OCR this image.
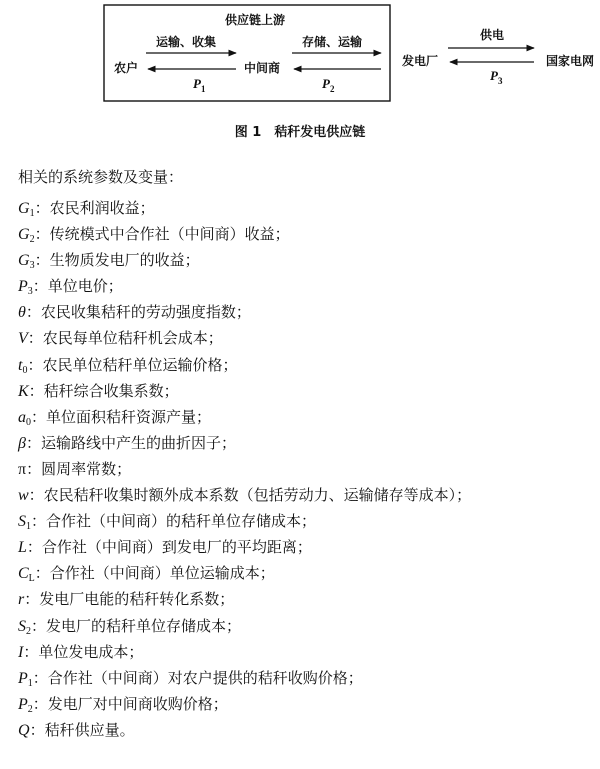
供应链上游
农户	中间商	发电厂	国家电网
运输、收集
$P_1$
存储、运输
$P_2$
供电
$P_3$
图 1　秸秆发电供应链
相关的系统参数及变量：
$G_1$：农民利润收益；
$G_2$：传统模式中合作社（中间商）收益；
$G_3$：生物质发电厂的收益；
$P_3$：单位电价；
θ：农民收集秸秆的劳动强度指数；
V：农民每单位秸秆机会成本；
$t_0$：农民单位秸秆单位运输价格；
K：秸秆综合收集系数；
$a_0$：单位面积秸秆资源产量；
β：运输路线中产生的曲折因子；
π：圆周率常数；
w：农民秸秆收集时额外成本系数（包括劳动力、运输储存等成本）；
$S_1$：合作社（中间商）的秸秆单位存储成本；
L：合作社（中间商）到发电厂的平均距离；
$C_L$：合作社（中间商）单位运输成本；
r：发电厂电能的秸秆转化系数；
$S_2$：发电厂的秸秆单位存储成本；
I：单位发电成本；
$P_1$：合作社（中间商）对农户提供的秸秆收购价格；
$P_2$：发电厂对中间商收购价格；
Q：秸秆供应量。
